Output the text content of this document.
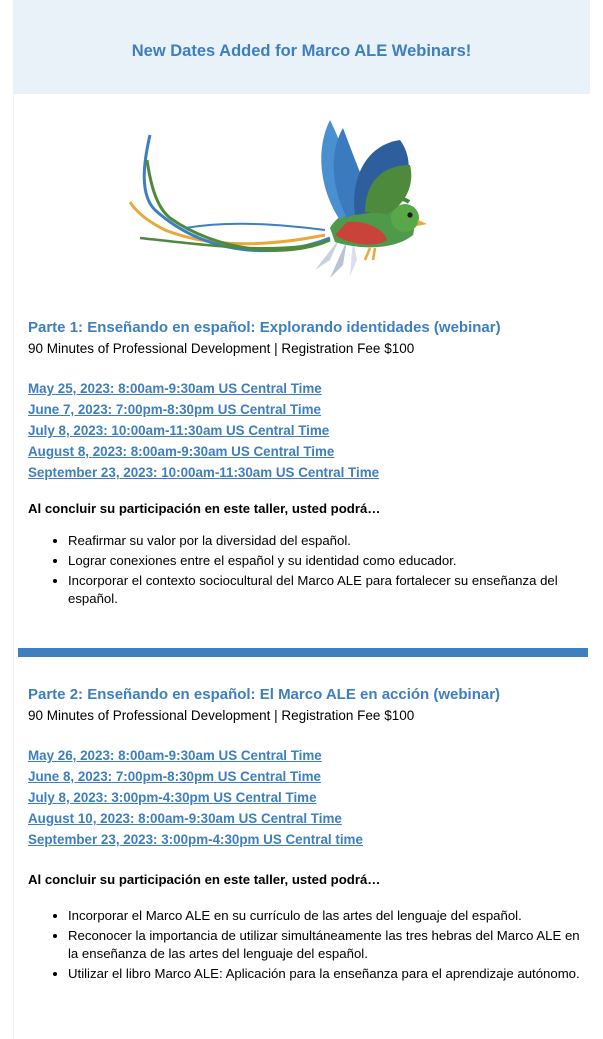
New Dates Added for Marco ALE Webinars!
Parte 1: Enseñando en español: Explorando identidades (webinar)
90 Minutes of Professional Development | Registration Fee $100
May 25, 2023: 8:00am-9:30am US Central Time
June 7, 2023: 7:00pm-8:30pm US Central Time
July 8, 2023: 10:00am-11:30am US Central Time
August 8, 2023: 8:00am-9:30am US Central Time
September 23, 2023: 10:00am-11:30am US Central Time
Al concluir su participación en este taller, usted podrá…
• Reafirmar su valor por la diversidad del español.
• Lograr conexiones entre el español y su identidad como educador.
• Incorporar el contexto sociocultural del Marco ALE para fortalecer su enseñanza del español.
Parte 2: Enseñando en español: El Marco ALE en acción (webinar)
90 Minutes of Professional Development | Registration Fee $100
May 26, 2023: 8:00am-9:30am US Central Time
June 8, 2023: 7:00pm-8:30pm US Central Time
July 8, 2023: 3:00pm-4:30pm US Central Time
August 10, 2023: 8:00am-9:30am US Central Time
September 23, 2023: 3:00pm-4:30pm US Central time
Al concluir su participación en este taller, usted podrá…
• Incorporar el Marco ALE en su currículo de las artes del lenguaje del español.
• Reconocer la importancia de utilizar simultáneamente las tres hebras del Marco ALE en la enseñanza de las artes del lenguaje del español.
• Utilizar el libro Marco ALE: Aplicación para la enseñanza para el aprendizaje autónomo.
